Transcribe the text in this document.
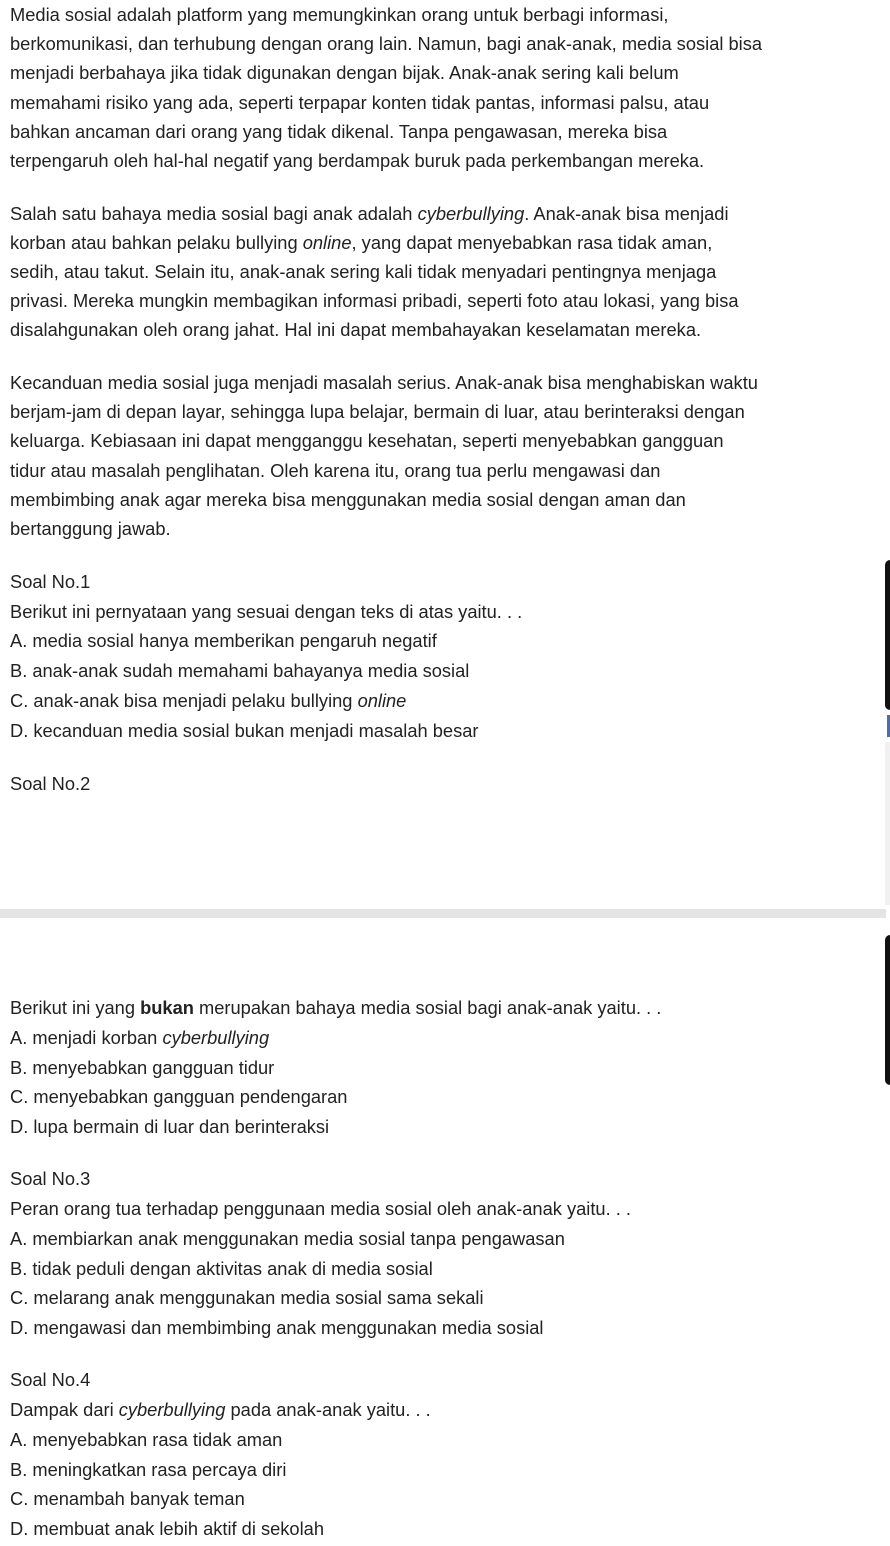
Media sosial adalah platform yang memungkinkan orang untuk berbagi informasi,
berkomunikasi, dan terhubung dengan orang lain. Namun, bagi anak-anak, media sosial bisa
menjadi berbahaya jika tidak digunakan dengan bijak. Anak-anak sering kali belum
memahami risiko yang ada, seperti terpapar konten tidak pantas, informasi palsu, atau
bahkan ancaman dari orang yang tidak dikenal. Tanpa pengawasan, mereka bisa
terpengaruh oleh hal-hal negatif yang berdampak buruk pada perkembangan mereka.
Salah satu bahaya media sosial bagi anak adalah cyberbullying. Anak-anak bisa menjadi
korban atau bahkan pelaku bullying online, yang dapat menyebabkan rasa tidak aman,
sedih, atau takut. Selain itu, anak-anak sering kali tidak menyadari pentingnya menjaga
privasi. Mereka mungkin membagikan informasi pribadi, seperti foto atau lokasi, yang bisa
disalahgunakan oleh orang jahat. Hal ini dapat membahayakan keselamatan mereka.
Kecanduan media sosial juga menjadi masalah serius. Anak-anak bisa menghabiskan waktu
berjam-jam di depan layar, sehingga lupa belajar, bermain di luar, atau berinteraksi dengan
keluarga. Kebiasaan ini dapat mengganggu kesehatan, seperti menyebabkan gangguan
tidur atau masalah penglihatan. Oleh karena itu, orang tua perlu mengawasi dan
membimbing anak agar mereka bisa menggunakan media sosial dengan aman dan
bertanggung jawab.
Soal No.1
Berikut ini pernyataan yang sesuai dengan teks di atas yaitu. . .
A. media sosial hanya memberikan pengaruh negatif
B. anak-anak sudah memahami bahayanya media sosial
C. anak-anak bisa menjadi pelaku bullying online
D. kecanduan media sosial bukan menjadi masalah besar
Soal No.2
Berikut ini yang bukan merupakan bahaya media sosial bagi anak-anak yaitu. . .
A. menjadi korban cyberbullying
B. menyebabkan gangguan tidur
C. menyebabkan gangguan pendengaran
D. lupa bermain di luar dan berinteraksi
Soal No.3
Peran orang tua terhadap penggunaan media sosial oleh anak-anak yaitu. . .
A. membiarkan anak menggunakan media sosial tanpa pengawasan
B. tidak peduli dengan aktivitas anak di media sosial
C. melarang anak menggunakan media sosial sama sekali
D. mengawasi dan membimbing anak menggunakan media sosial
Soal No.4
Dampak dari cyberbullying pada anak-anak yaitu. . .
A. menyebabkan rasa tidak aman
B. meningkatkan rasa percaya diri
C. menambah banyak teman
D. membuat anak lebih aktif di sekolah
